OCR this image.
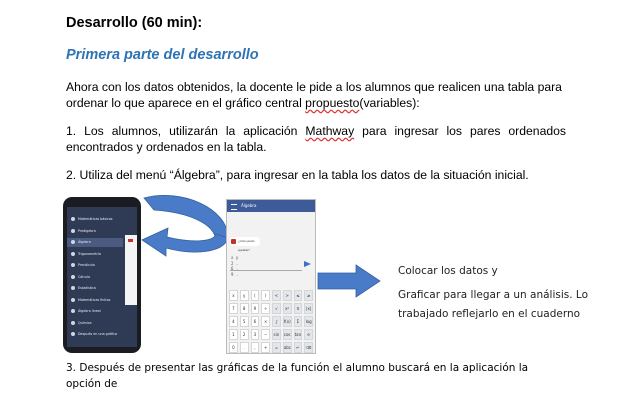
Desarrollo (60 min):
Primera parte del desarrollo
Ahora con los datos obtenidos, la docente le pide a los alumnos que realicen una tabla para ordenar lo que aparece en el gráfico central propuesto(variables):
1. Los alumnos, utilizarán la aplicación Mathway para ingresar los pares ordenados encontrados y ordenados en la tabla.
2. Utiliza del menú “Álgebra”, para ingresar en la tabla los datos de la situación inicial.
Matemáticas básicas
Preálgebra
Álgebra
Trigonometría
Precálculo
Cálculo
Estadística
Matemáticas finitas
Álgebra lineal
Química
Después en una gráfica
Álgebra
¿Cómo puedo ayudarte?
x y
2 .
6 .
9 .
x	y	(	)	<	>	≤	≥
7	8	9	÷	√	x²	π	|x|
4	5	6	×	∫	f(x)	Σ	log
1	2	3	−	sin	cos tan	e
0	.	,	+	=	abc	↵	⌫
Colocar los datos y
Graficar para llegar a un análisis. Lo trabajado reflejarlo en el cuaderno
3. Después de presentar las gráficas de la función el alumno buscará en la aplicación la opción de
